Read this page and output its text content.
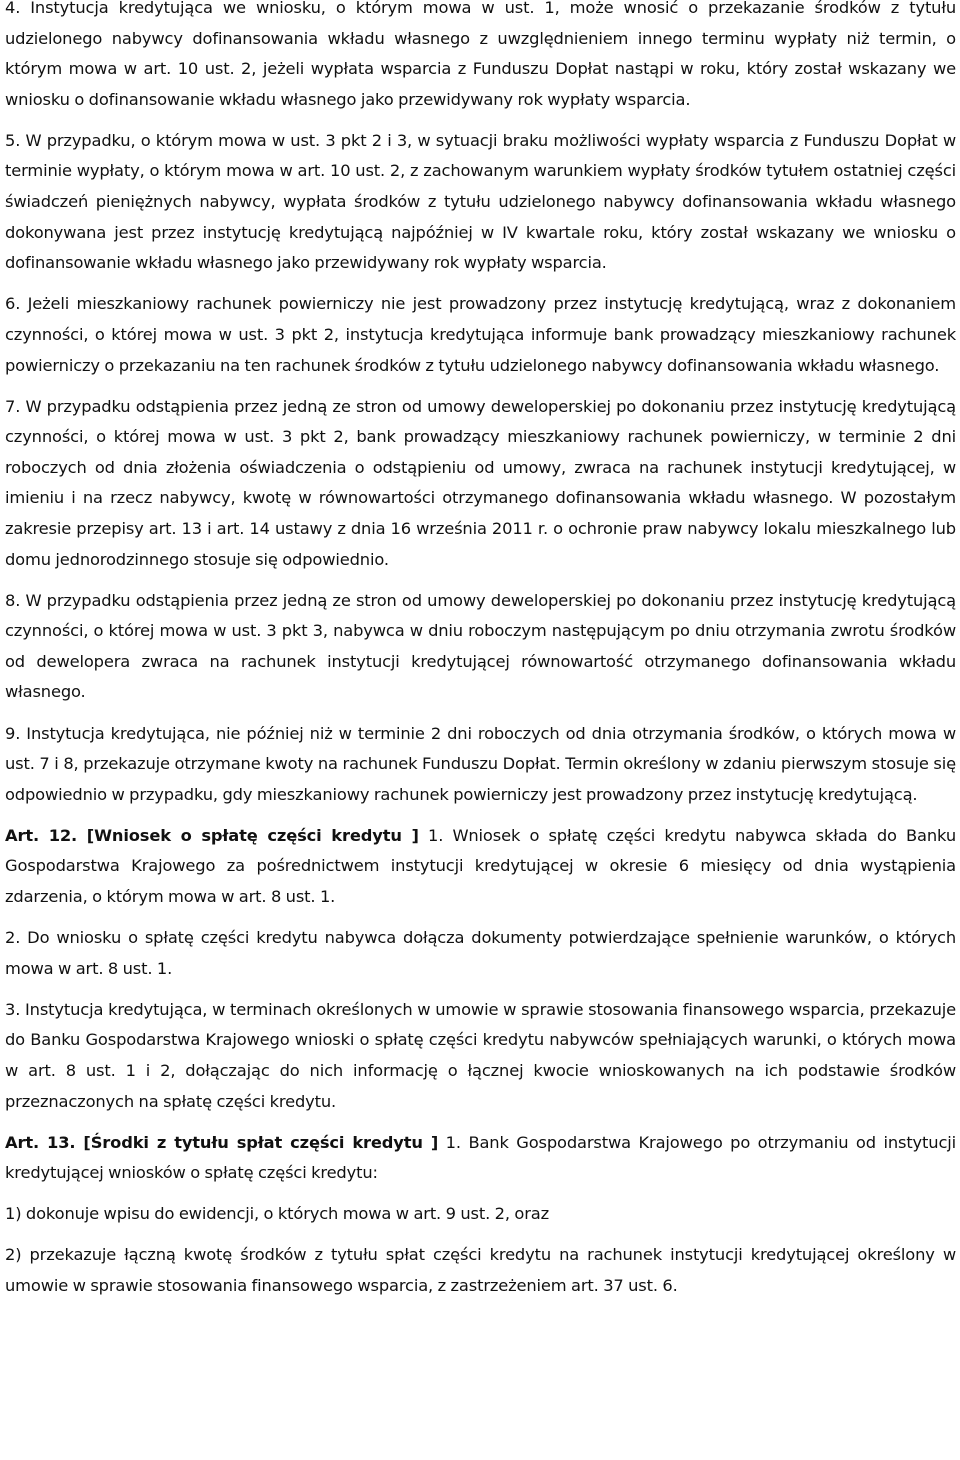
4. Instytucja kredytująca we wniosku, o którym mowa w ust. 1, może wnosić o przekazanie środków z tytułu udzielonego nabywcy dofinansowania wkładu własnego z uwzględnieniem innego terminu wypłaty niż termin, o którym mowa w art. 10 ust. 2, jeżeli wypłata wsparcia z Funduszu Dopłat nastąpi w roku, który został wskazany we wniosku o dofinansowanie wkładu własnego jako przewidywany rok wypłaty wsparcia.

5. W przypadku, o którym mowa w ust. 3 pkt 2 i 3, w sytuacji braku możliwości wypłaty wsparcia z Funduszu Dopłat w terminie wypłaty, o którym mowa w art. 10 ust. 2, z zachowanym warunkiem wypłaty środków tytułem ostatniej części świadczeń pieniężnych nabywcy, wypłata środków z tytułu udzielonego nabywcy dofinansowania wkładu własnego dokonywana jest przez instytucję kredytującą najpóźniej w IV kwartale roku, który został wskazany we wniosku o dofinansowanie wkładu własnego jako przewidywany rok wypłaty wsparcia.

6. Jeżeli mieszkaniowy rachunek powierniczy nie jest prowadzony przez instytucję kredytującą, wraz z dokonaniem czynności, o której mowa w ust. 3 pkt 2, instytucja kredytująca informuje bank prowadzący mieszkaniowy rachunek powierniczy o przekazaniu na ten rachunek środków z tytułu udzielonego nabywcy dofinansowania wkładu własnego.

7. W przypadku odstąpienia przez jedną ze stron od umowy deweloperskiej po dokonaniu przez instytucję kredytującą czynności, o której mowa w ust. 3 pkt 2, bank prowadzący mieszkaniowy rachunek powierniczy, w terminie 2 dni roboczych od dnia złożenia oświadczenia o odstąpieniu od umowy, zwraca na rachunek instytucji kredytującej, w imieniu i na rzecz nabywcy, kwotę w równowartości otrzymanego dofinansowania wkładu własnego. W pozostałym zakresie przepisy art. 13 i art. 14 ustawy z dnia 16 września 2011 r. o ochronie praw nabywcy lokalu mieszkalnego lub domu jednorodzinnego stosuje się odpowiednio.

8. W przypadku odstąpienia przez jedną ze stron od umowy deweloperskiej po dokonaniu przez instytucję kredytującą czynności, o której mowa w ust. 3 pkt 3, nabywca w dniu roboczym następującym po dniu otrzymania zwrotu środków od dewelopera zwraca na rachunek instytucji kredytującej równowartość otrzymanego dofinansowania wkładu własnego.

9. Instytucja kredytująca, nie później niż w terminie 2 dni roboczych od dnia otrzymania środków, o których mowa w ust. 7 i 8, przekazuje otrzymane kwoty na rachunek Funduszu Dopłat. Termin określony w zdaniu pierwszym stosuje się odpowiednio w przypadku, gdy mieszkaniowy rachunek powierniczy jest prowadzony przez instytucję kredytującą.

Art. 12. [Wniosek o spłatę części kredytu ] 1. Wniosek o spłatę części kredytu nabywca składa do Banku Gospodarstwa Krajowego za pośrednictwem instytucji kredytującej w okresie 6 miesięcy od dnia wystąpienia zdarzenia, o którym mowa w art. 8 ust. 1.

2. Do wniosku o spłatę części kredytu nabywca dołącza dokumenty potwierdzające spełnienie warunków, o których mowa w art. 8 ust. 1.

3. Instytucja kredytująca, w terminach określonych w umowie w sprawie stosowania finansowego wsparcia, przekazuje do Banku Gospodarstwa Krajowego wnioski o spłatę części kredytu nabywców spełniających warunki, o których mowa w art. 8 ust. 1 i 2, dołączając do nich informację o łącznej kwocie wnioskowanych na ich podstawie środków przeznaczonych na spłatę części kredytu.

Art. 13. [Środki z tytułu spłat części kredytu ] 1. Bank Gospodarstwa Krajowego po otrzymaniu od instytucji kredytującej wniosków o spłatę części kredytu:

1) dokonuje wpisu do ewidencji, o których mowa w art. 9 ust. 2, oraz

2) przekazuje łączną kwotę środków z tytułu spłat części kredytu na rachunek instytucji kredytującej określony w umowie w sprawie stosowania finansowego wsparcia, z zastrzeżeniem art. 37 ust. 6.
